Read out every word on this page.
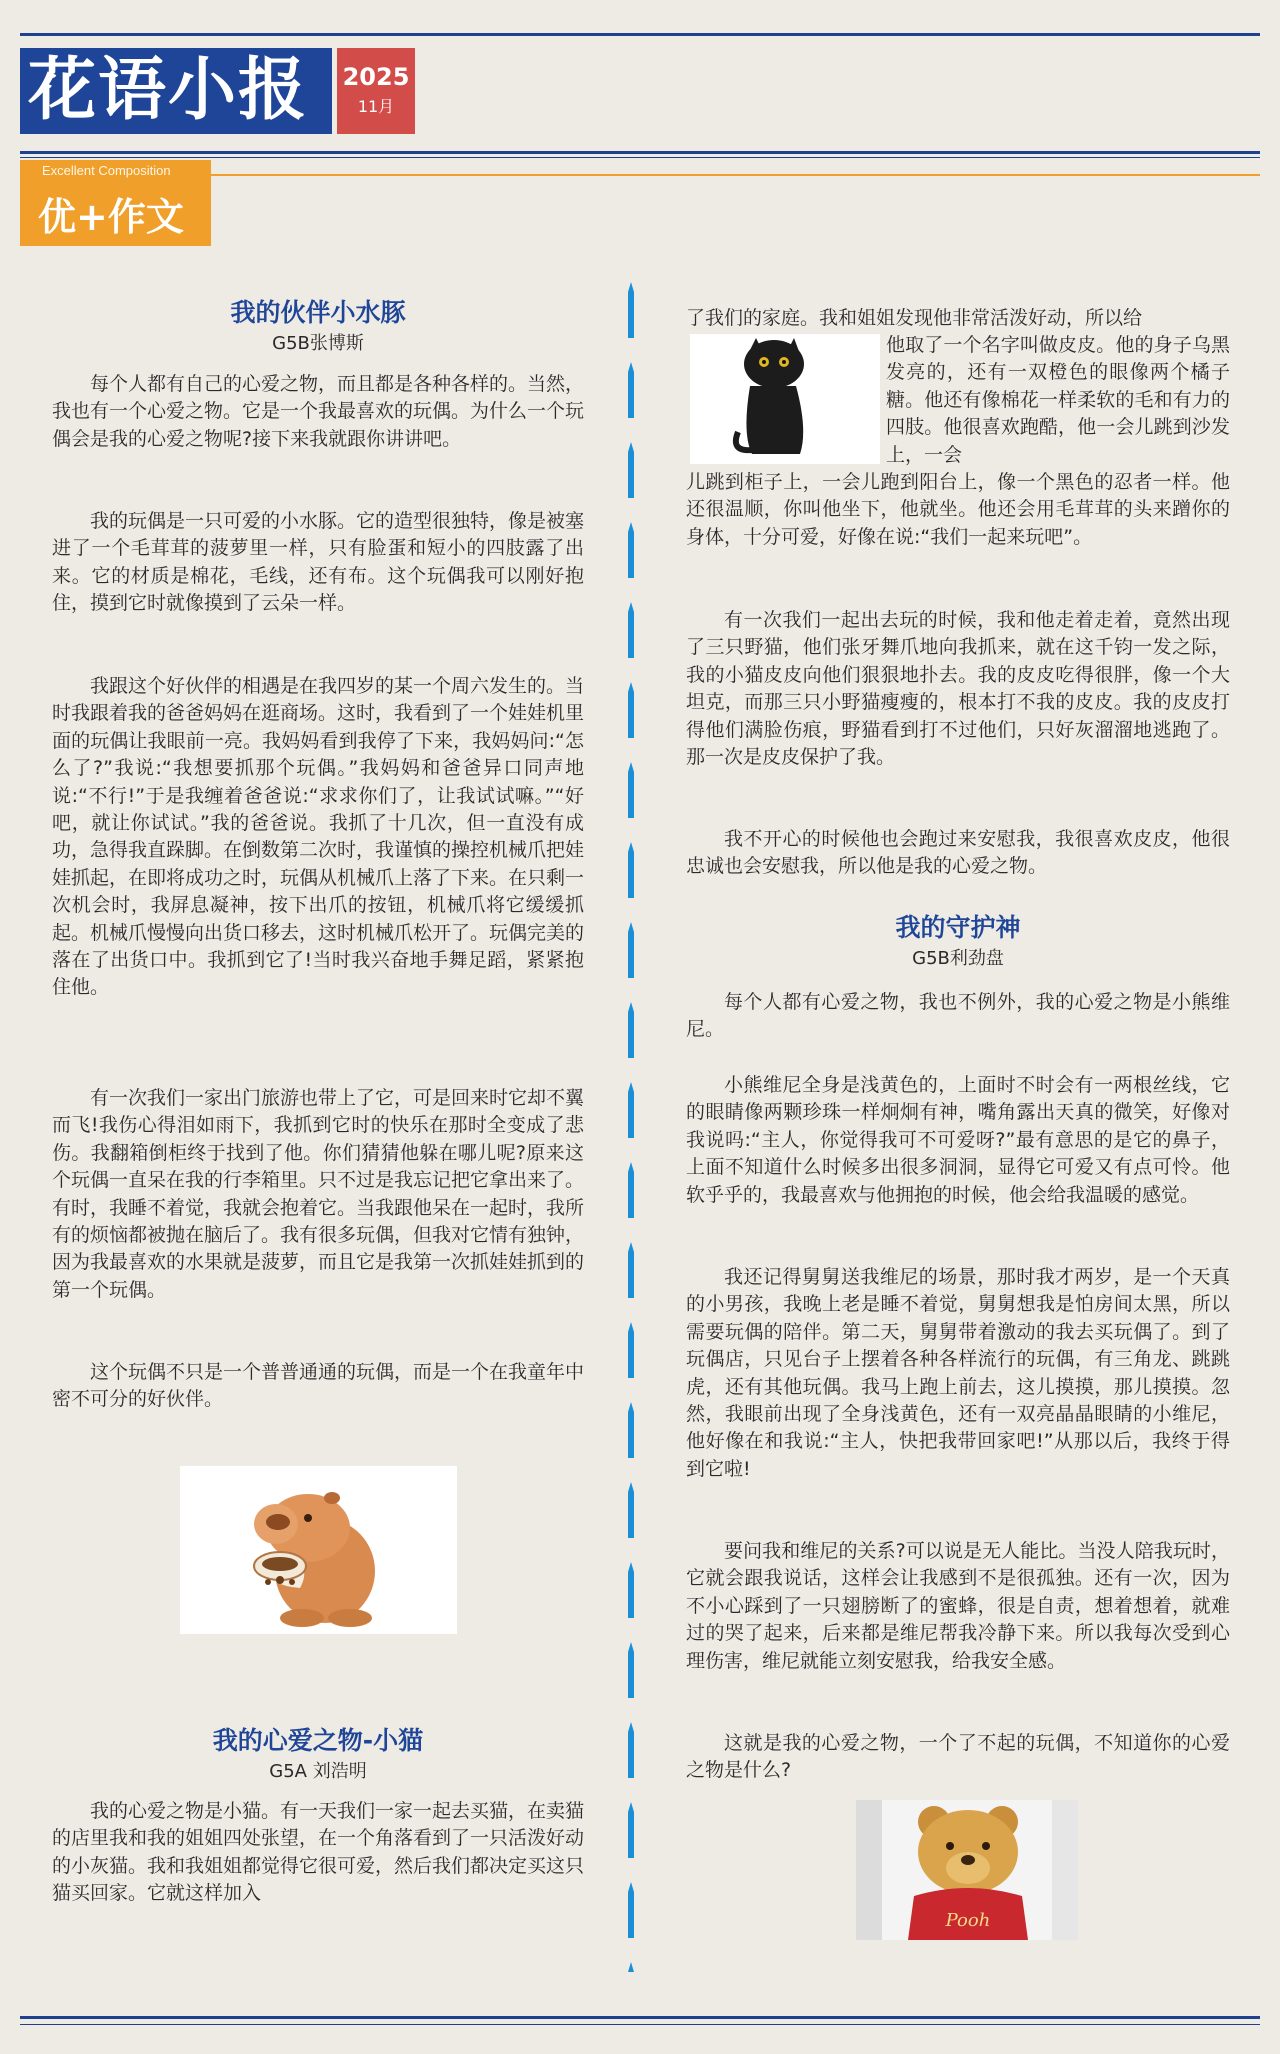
花语小报	2025
11月
Excellent Composition
优+作文
我的伙伴小水豚
G5B张博斯

每个人都有自己的心爱之物，而且都是各种各样的。当然，我也有一个心爱之物。它是一个我最喜欢的玩偶。为什么一个玩偶会是我的心爱之物呢?接下来我就跟你讲讲吧。

我的玩偶是一只可爱的小水豚。它的造型很独特，像是被塞进了一个毛茸茸的菠萝里一样，只有脸蛋和短小的四肢露了出来。它的材质是棉花，毛线，还有布。这个玩偶我可以刚好抱住，摸到它时就像摸到了云朵一样。

我跟这个好伙伴的相遇是在我四岁的某一个周六发生的。当时我跟着我的爸爸妈妈在逛商场。这时，我看到了一个娃娃机里面的玩偶让我眼前一亮。我妈妈看到我停了下来，我妈妈问:“怎么了?”我说:“我想要抓那个玩偶。”我妈妈和爸爸异口同声地说:“不行!”于是我缠着爸爸说:“求求你们了，让我试试嘛。”“好吧，就让你试试。”我的爸爸说。我抓了十几次，但一直没有成功，急得我直跺脚。在倒数第二次时，我谨慎的操控机械爪把娃娃抓起，在即将成功之时，玩偶从机械爪上落了下来。在只剩一次机会时，我屏息凝神，按下出爪的按钮，机械爪将它缓缓抓起。机械爪慢慢向出货口移去，这时机械爪松开了。玩偶完美的落在了出货口中。我抓到它了!当时我兴奋地手舞足蹈，紧紧抱住他。

有一次我们一家出门旅游也带上了它，可是回来时它却不翼而飞!我伤心得泪如雨下，我抓到它时的快乐在那时全变成了悲伤。我翻箱倒柜终于找到了他。你们猜猜他躲在哪儿呢?原来这个玩偶一直呆在我的行李箱里。只不过是我忘记把它拿出来了。有时，我睡不着觉，我就会抱着它。当我跟他呆在一起时，我所有的烦恼都被抛在脑后了。我有很多玩偶，但我对它情有独钟，因为我最喜欢的水果就是菠萝，而且它是我第一次抓娃娃抓到的第一个玩偶。

这个玩偶不只是一个普普通通的玩偶，而是一个在我童年中密不可分的好伙伴。

我的心爱之物-小猫
G5A 刘浩明

我的心爱之物是小猫。有一天我们一家一起去买猫，在卖猫的店里我和我的姐姐四处张望，在一个角落看到了一只活泼好动的小灰猫。我和我姐姐都觉得它很可爱，然后我们都决定买这只猫买回家。它就这样加入

了我们的家庭。我和姐姐发现他非常活泼好动，所以给

他取了一个名字叫做皮皮。他的身子乌黑发亮的，还有一双橙色的眼像两个橘子糖。他还有像棉花一样柔软的毛和有力的四肢。他很喜欢跑酷，他一会儿跳到沙发上，一会

儿跳到柜子上，一会儿跑到阳台上，像一个黑色的忍者一样。他还很温顺，你叫他坐下，他就坐。他还会用毛茸茸的头来蹭你的身体，十分可爱，好像在说:“我们一起来玩吧”。

有一次我们一起出去玩的时候，我和他走着走着，竟然出现了三只野猫，他们张牙舞爪地向我抓来，就在这千钧一发之际，我的小猫皮皮向他们狠狠地扑去。我的皮皮吃得很胖，像一个大坦克，而那三只小野猫瘦瘦的，根本打不我的皮皮。我的皮皮打得他们满脸伤痕，野猫看到打不过他们，只好灰溜溜地逃跑了。那一次是皮皮保护了我。

我不开心的时候他也会跑过来安慰我，我很喜欢皮皮，他很忠诚也会安慰我，所以他是我的心爱之物。

我的守护神
G5B利劲盘

每个人都有心爱之物，我也不例外，我的心爱之物是小熊维尼。

小熊维尼全身是浅黄色的，上面时不时会有一两根丝线，它的眼睛像两颗珍珠一样炯炯有神，嘴角露出天真的微笑，好像对我说吗:“主人，你觉得我可不可爱呀?”最有意思的是它的鼻子，上面不知道什么时候多出很多洞洞，显得它可爱又有点可怜。他软乎乎的，我最喜欢与他拥抱的时候，他会给我温暖的感觉。

我还记得舅舅送我维尼的场景，那时我才两岁，是一个天真的小男孩，我晚上老是睡不着觉，舅舅想我是怕房间太黑，所以需要玩偶的陪伴。第二天，舅舅带着激动的我去买玩偶了。到了玩偶店，只见台子上摆着各种各样流行的玩偶，有三角龙、跳跳虎，还有其他玩偶。我马上跑上前去，这儿摸摸，那儿摸摸。忽然，我眼前出现了全身浅黄色，还有一双亮晶晶眼睛的小维尼，他好像在和我说:“主人，快把我带回家吧!”从那以后，我终于得到它啦!

要问我和维尼的关系?可以说是无人能比。当没人陪我玩时，它就会跟我说话，这样会让我感到不是很孤独。还有一次，因为不小心踩到了一只翅膀断了的蜜蜂，很是自责，想着想着，就难过的哭了起来，后来都是维尼帮我冷静下来。所以我每次受到心理伤害，维尼就能立刻安慰我，给我安全感。

这就是我的心爱之物，一个了不起的玩偶，不知道你的心爱之物是什么?

Pooh
